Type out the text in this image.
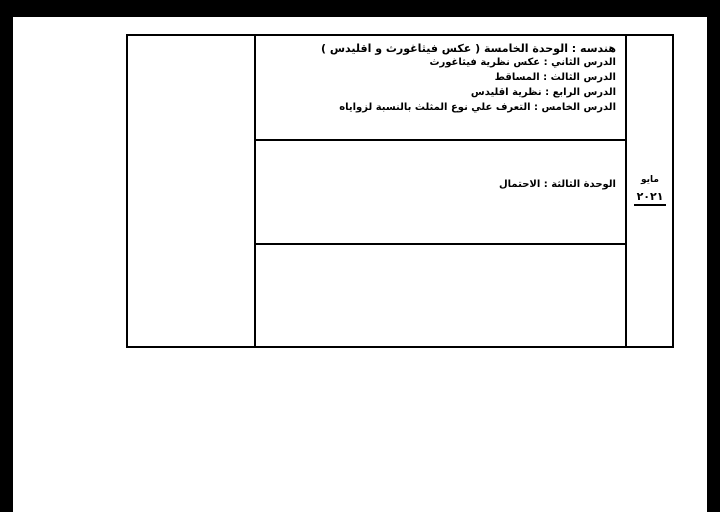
هندسه : الوحدة الخامسة ( عكس فيثاغورث و اقليدس )
الدرس الثاني : عكس نظرية فيثاغورث
الدرس الثالث : المساقط
الدرس الرابع : نظرية اقليدس
الدرس الخامس : التعرف علي نوع المثلث بالنسبة لزواياه
الوحدة الثالثة : الاحتمال	مايو
٢٠٢١
